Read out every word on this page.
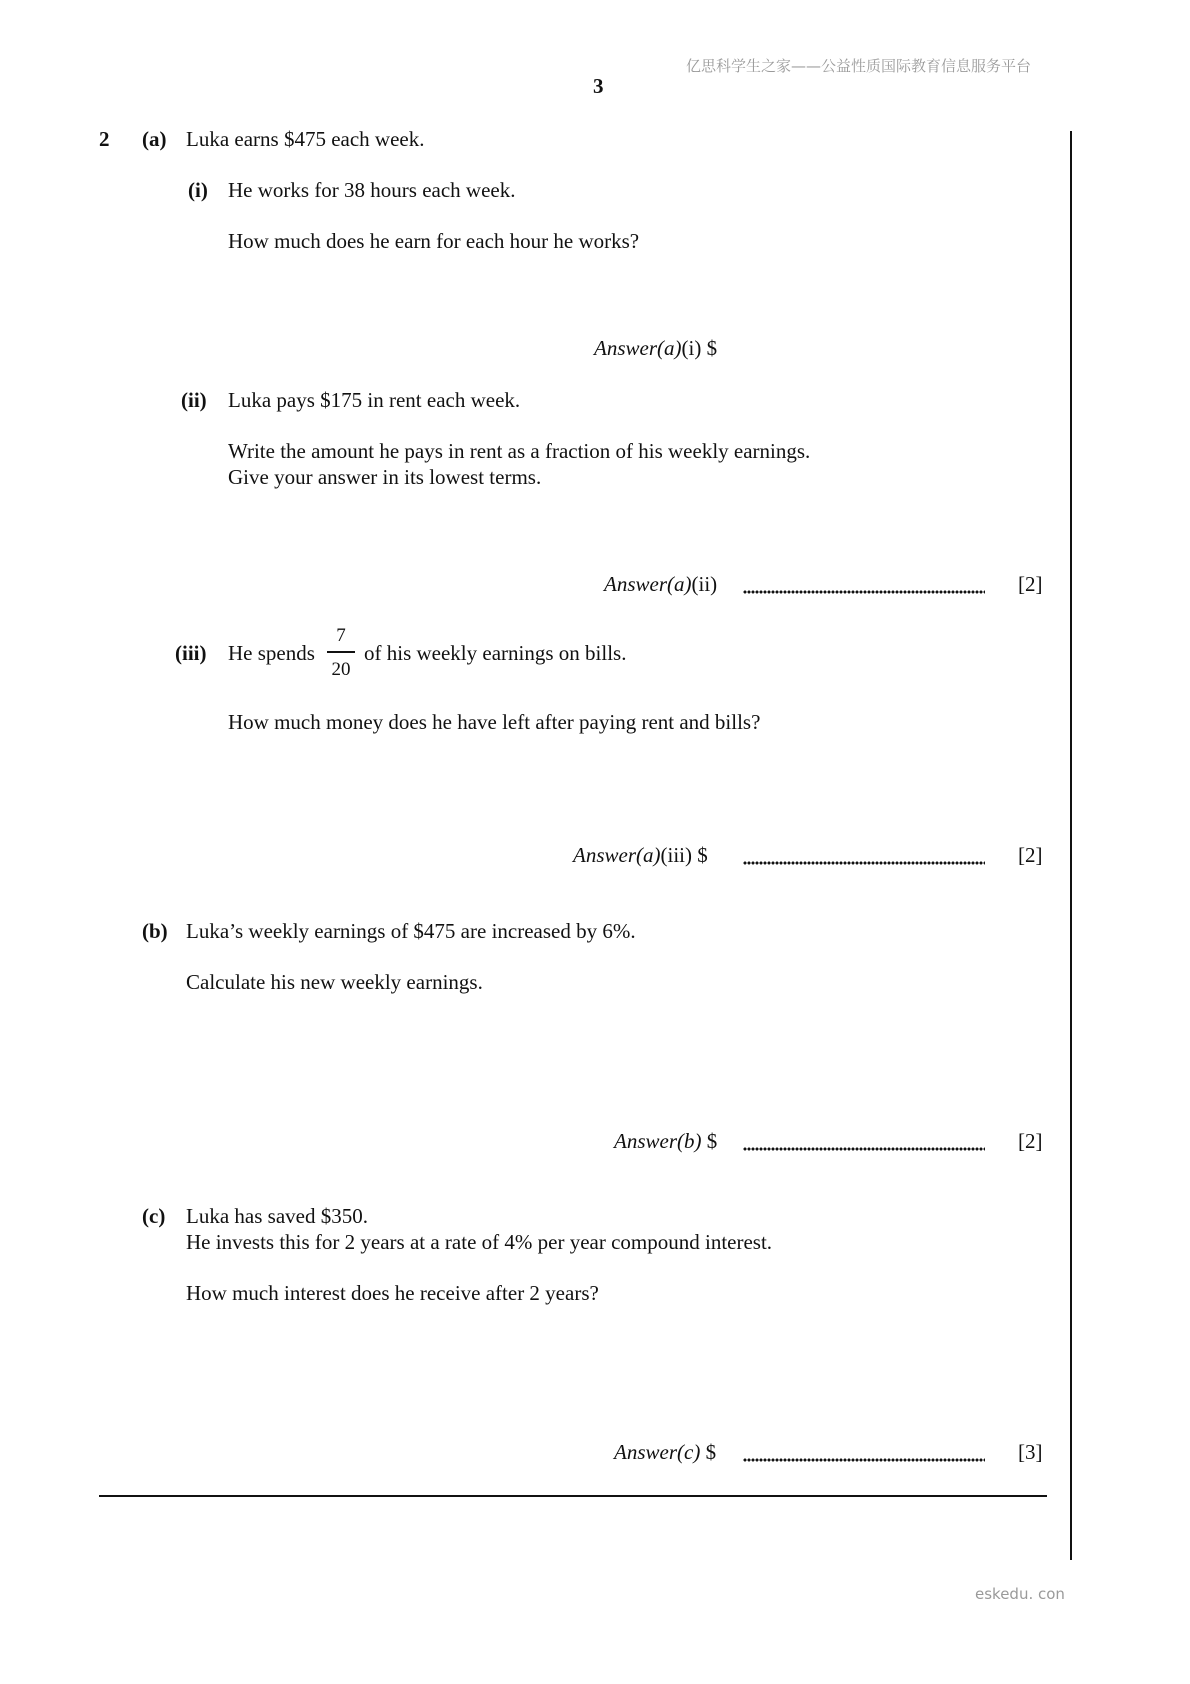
亿思科学生之家——公益性质国际教育信息服务平台
3
2 (a) Luka earns $475 each week.
(i) He works for 38 hours each week.
How much does he earn for each hour he works?
Answer(a)(i) $
(ii) Luka pays $175 in rent each week.
Write the amount he pays in rent as a fraction of his weekly earnings.
Give your answer in its lowest terms.
Answer(a)(ii)	[2]
(iii) He spends
7
20
of his weekly earnings on bills.
How much money does he have left after paying rent and bills?
Answer(a)(iii) $	[2]
(b) Luka’s weekly earnings of $475 are increased by 6%.
Calculate his new weekly earnings.
Answer(b) $	[2]
(c) Luka has saved $350.
He invests this for 2 years at a rate of 4% per year compound interest.
How much interest does he receive after 2 years?
Answer(c) $	[3]
eskedu. con
